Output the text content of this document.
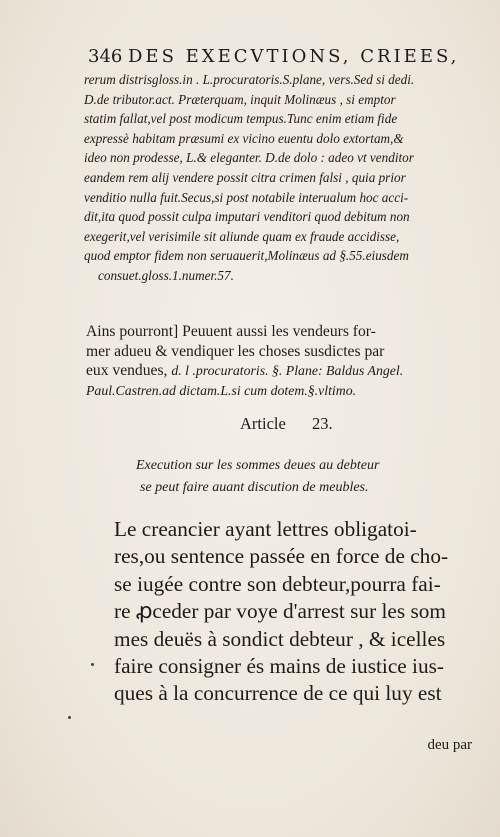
346 DES EXECVTIONS, CRIEES,
rerum distrisgloss.in . L.procuratoris.S.plane, vers.Sed si dedi.
D.de tributor.act. Præterquam, inquit Molinæus , si emptor
statim fallat,vel post modicum tempus.Tunc enim etiam fide
expressè habitam præsumi ex vicino euentu dolo extortam,&
ideo non prodesse, L.& eleganter. D.de dolo : adeo vt venditor
eandem rem alij vendere possit citra crimen falsi , quia prior
venditio nulla fuit.Secus,si post notabile interualum hoc acci-
dit,ita quod possit culpa imputari venditori quod debitum non
exegerit,vel verisimile sit aliunde quam ex fraude accidisse,
quod emptor fidem non seruauerit,Molinæus ad §.55.eiusdem
consuet.gloss.1.numer.57.
Ains pourront] Peuuent aussi les vendeurs for-
mer adueu & vendiquer les choses susdictes par
eux vendues, d. l .procuratoris. §. Plane: Baldus Angel.
Paul.Castren.ad dictam.L.si cum dotem.§.vltimo.
Article 23.
Execution sur les sommes deues au debteur
se peut faire auant discution de meubles.
Le creancier ayant lettres obligatoi-
res,ou sentence passée en force de cho-
se iugée contre son debteur,pourra fai-
re ꝓceder par voye d'arrest sur les som
mes deuës à sondict debteur , & icelles
faire consigner és mains de iustice ius-
ques à la concurrence de ce qui luy est
deu par
